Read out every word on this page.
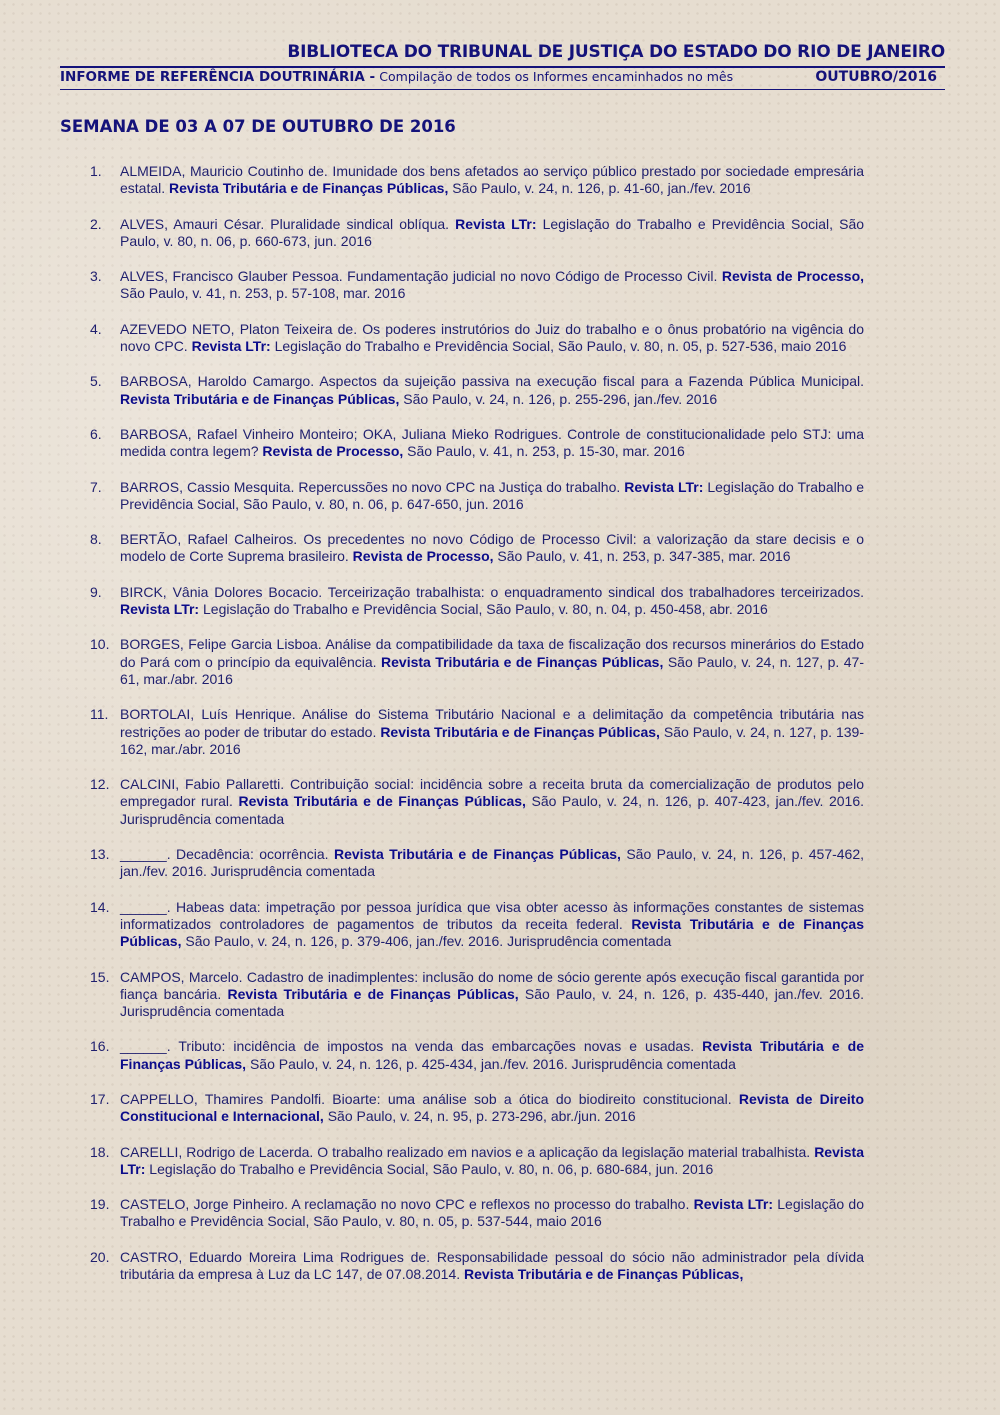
BIBLIOTECA DO TRIBUNAL DE JUSTIÇA DO ESTADO DO RIO DE JANEIRO

INFORME DE REFERÊNCIA DOUTRINÁRIA - Compilação de todos os Informes encaminhados no mês	OUTUBRO/2016
SEMANA DE 03 A 07 DE OUTUBRO DE 2016
1. ALMEIDA, Mauricio Coutinho de. Imunidade dos bens afetados ao serviço público prestado por sociedade empresária estatal. Revista Tributária e de Finanças Públicas, São Paulo, v. 24, n. 126, p. 41-60, jan./fev. 2016
2. ALVES, Amauri César. Pluralidade sindical oblíqua. Revista LTr: Legislação do Trabalho e Previdência Social, São Paulo, v. 80, n. 06, p. 660-673, jun. 2016
3. ALVES, Francisco Glauber Pessoa. Fundamentação judicial no novo Código de Processo Civil. Revista de Processo, São Paulo, v. 41, n. 253, p. 57-108, mar. 2016
4. AZEVEDO NETO, Platon Teixeira de. Os poderes instrutórios do Juiz do trabalho e o ônus probatório na vigência do novo CPC. Revista LTr: Legislação do Trabalho e Previdência Social, São Paulo, v. 80, n. 05, p. 527-536, maio 2016
5. BARBOSA, Haroldo Camargo. Aspectos da sujeição passiva na execução fiscal para a Fazenda Pública Municipal. Revista Tributária e de Finanças Públicas, São Paulo, v. 24, n. 126, p. 255-296, jan./fev. 2016
6. BARBOSA, Rafael Vinheiro Monteiro; OKA, Juliana Mieko Rodrigues. Controle de constitucionalidade pelo STJ: uma medida contra legem? Revista de Processo, São Paulo, v. 41, n. 253, p. 15-30, mar. 2016
7. BARROS, Cassio Mesquita. Repercussões no novo CPC na Justiça do trabalho. Revista LTr: Legislação do Trabalho e Previdência Social, São Paulo, v. 80, n. 06, p. 647-650, jun. 2016
8. BERTÃO, Rafael Calheiros. Os precedentes no novo Código de Processo Civil: a valorização da stare decisis e o modelo de Corte Suprema brasileiro. Revista de Processo, São Paulo, v. 41, n. 253, p. 347-385, mar. 2016
9. BIRCK, Vânia Dolores Bocacio. Terceirização trabalhista: o enquadramento sindical dos trabalhadores terceirizados. Revista LTr: Legislação do Trabalho e Previdência Social, São Paulo, v. 80, n. 04, p. 450-458, abr. 2016
10. BORGES, Felipe Garcia Lisboa. Análise da compatibilidade da taxa de fiscalização dos recursos minerários do Estado do Pará com o princípio da equivalência. Revista Tributária e de Finanças Públicas, São Paulo, v. 24, n. 127, p. 47-61, mar./abr. 2016
11. BORTOLAI, Luís Henrique. Análise do Sistema Tributário Nacional e a delimitação da competência tributária nas restrições ao poder de tributar do estado. Revista Tributária e de Finanças Públicas, São Paulo, v. 24, n. 127, p. 139-162, mar./abr. 2016
12. CALCINI, Fabio Pallaretti. Contribuição social: incidência sobre a receita bruta da comercialização de produtos pelo empregador rural. Revista Tributária e de Finanças Públicas, São Paulo, v. 24, n. 126, p. 407-423, jan./fev. 2016. Jurisprudência comentada
13. ______. Decadência: ocorrência. Revista Tributária e de Finanças Públicas, São Paulo, v. 24, n. 126, p. 457-462, jan./fev. 2016. Jurisprudência comentada
14. ______. Habeas data: impetração por pessoa jurídica que visa obter acesso às informações constantes de sistemas informatizados controladores de pagamentos de tributos da receita federal. Revista Tributária e de Finanças Públicas, São Paulo, v. 24, n. 126, p. 379-406, jan./fev. 2016. Jurisprudência comentada
15. CAMPOS, Marcelo. Cadastro de inadimplentes: inclusão do nome de sócio gerente após execução fiscal garantida por fiança bancária. Revista Tributária e de Finanças Públicas, São Paulo, v. 24, n. 126, p. 435-440, jan./fev. 2016. Jurisprudência comentada
16. ______. Tributo: incidência de impostos na venda das embarcações novas e usadas. Revista Tributária e de Finanças Públicas, São Paulo, v. 24, n. 126, p. 425-434, jan./fev. 2016. Jurisprudência comentada
17. CAPPELLO, Thamires Pandolfi. Bioarte: uma análise sob a ótica do biodireito constitucional. Revista de Direito Constitucional e Internacional, São Paulo, v. 24, n. 95, p. 273-296, abr./jun. 2016
18. CARELLI, Rodrigo de Lacerda. O trabalho realizado em navios e a aplicação da legislação material trabalhista. Revista LTr: Legislação do Trabalho e Previdência Social, São Paulo, v. 80, n. 06, p. 680-684, jun. 2016
19. CASTELO, Jorge Pinheiro. A reclamação no novo CPC e reflexos no processo do trabalho. Revista LTr: Legislação do Trabalho e Previdência Social, São Paulo, v. 80, n. 05, p. 537-544, maio 2016
20. CASTRO, Eduardo Moreira Lima Rodrigues de. Responsabilidade pessoal do sócio não administrador pela dívida tributária da empresa à Luz da LC 147, de 07.08.2014. Revista Tributária e de Finanças Públicas,
